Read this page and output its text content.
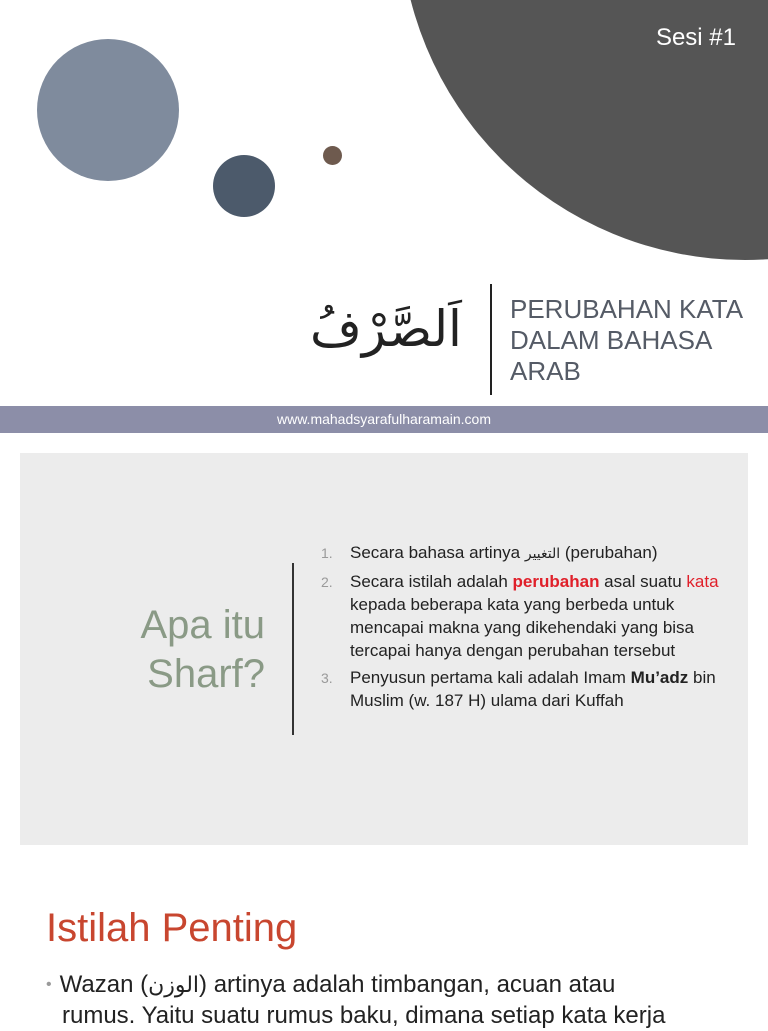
Sesi #1
اَلصَّرْفُ	PERUBAHAN KATA
DALAM BAHASA
ARAB
www.mahadsyarafulharamain.com
Apa itu
Sharf?
1. Secara bahasa artinya التغيير (perubahan)
2. Secara istilah adalah perubahan asal suatu kata kepada beberapa kata yang berbeda untuk mencapai makna yang dikehendaki yang bisa tercapai hanya dengan perubahan tersebut
3. Penyusun pertama kali adalah Imam Mu’adz bin Muslim (w. 187 H) ulama dari Kuffah
Istilah Penting
• Wazan (الوزن) artinya adalah timbangan, acuan atau
rumus. Yaitu suatu rumus baku, dimana setiap kata kerja
